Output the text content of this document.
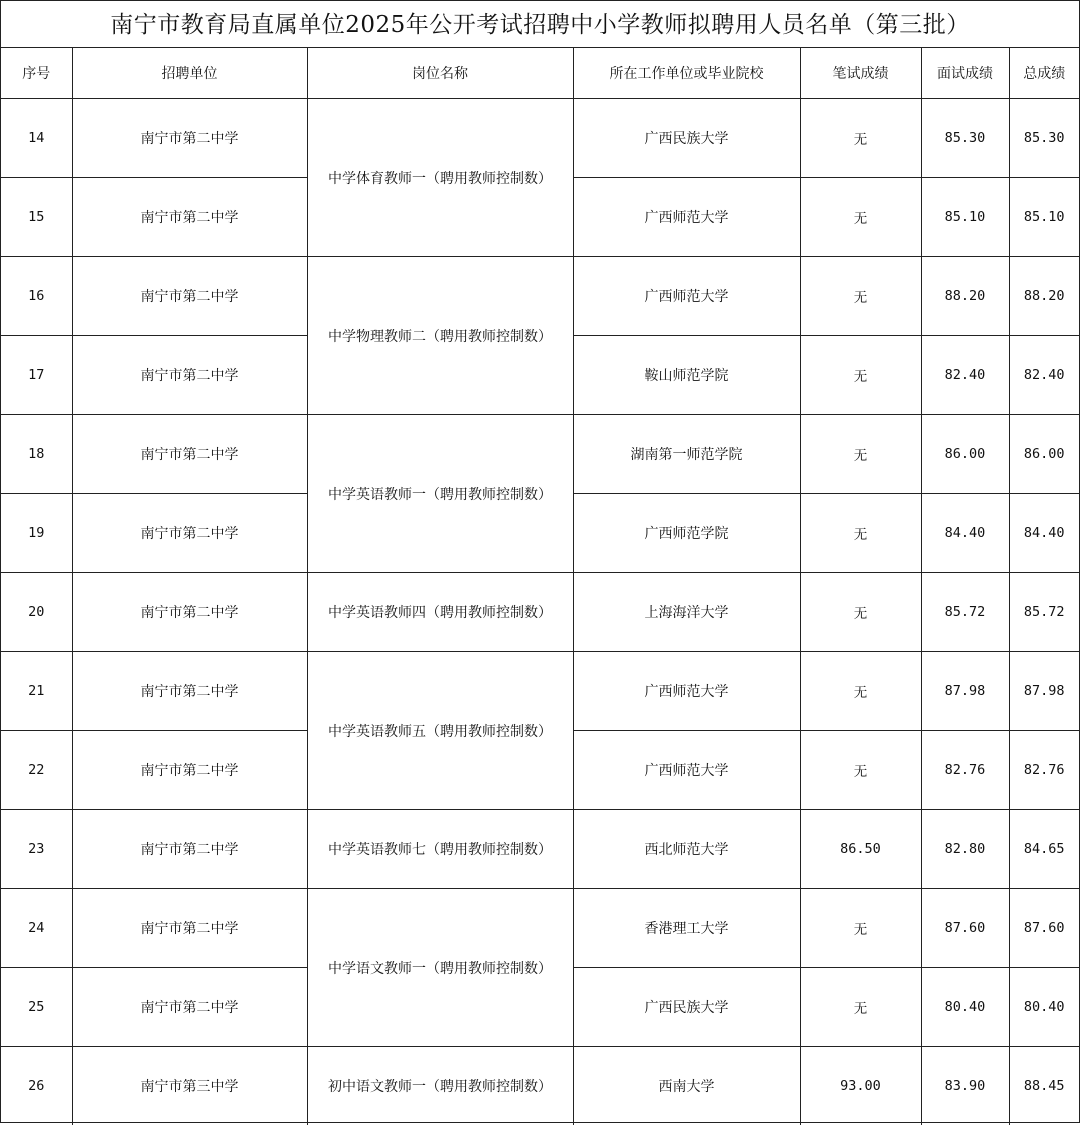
南宁市教育局直属单位2025年公开考试招聘中小学教师拟聘用人员名单（第三批）
序号	招聘单位	岗位名称	所在工作单位或毕业院校	笔试成绩	面试成绩	总成绩
14	南宁市第二中学	中学体育教师一（聘用教师控制数）	广西民族大学	无	85.30	85.30
15	南宁市第二中学		广西师范大学	无	85.10	85.10
16	南宁市第二中学	中学物理教师二（聘用教师控制数）	广西师范大学	无	88.20	88.20
17	南宁市第二中学		鞍山师范学院	无	82.40	82.40
18	南宁市第二中学	中学英语教师一（聘用教师控制数）	湖南第一师范学院	无	86.00	86.00
19	南宁市第二中学		广西师范学院	无	84.40	84.40
20	南宁市第二中学	中学英语教师四（聘用教师控制数）	上海海洋大学	无	85.72	85.72
21	南宁市第二中学	中学英语教师五（聘用教师控制数）	广西师范大学	无	87.98	87.98
22	南宁市第二中学		广西师范大学	无	82.76	82.76
23	南宁市第二中学	中学英语教师七（聘用教师控制数）	西北师范大学	86.50	82.80	84.65
24	南宁市第二中学	中学语文教师一（聘用教师控制数）	香港理工大学	无	87.60	87.60
25	南宁市第二中学		广西民族大学	无	80.40	80.40
26	南宁市第三中学	初中语文教师一（聘用教师控制数）	西南大学	93.00	83.90	88.45
